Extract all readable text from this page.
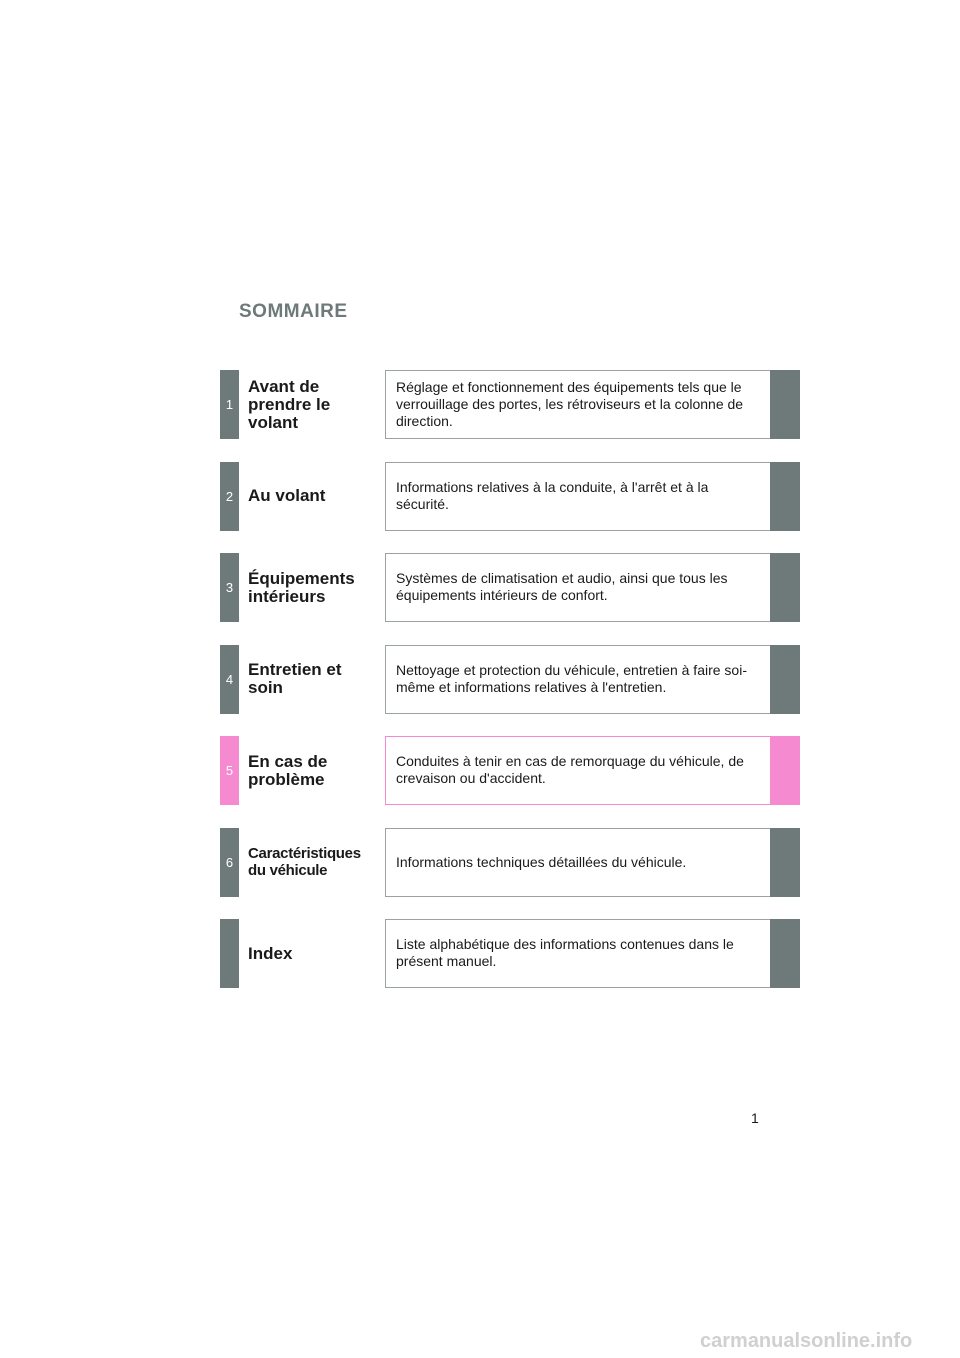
SOMMAIRE
1
Avant de
prendre le
volant
Réglage et fonctionnement des équipements tels que le verrouillage des portes, les rétroviseurs et la colonne de direction.
2 Au volant	Informations relatives à la conduite, à l'arrêt et à la sécurité.
3 Équipements
intérieurs
Systèmes de climatisation et audio, ainsi que tous les équipements intérieurs de confort.
4 Entretien et
soin
Nettoyage et protection du véhicule, entretien à faire soi-même et informations relatives à l'entretien.
5 En cas de
problème
Conduites à tenir en cas de remorquage du véhicule, de crevaison ou d'accident.
6 Caractéristiques
du véhicule
Informations techniques détaillées du véhicule.
Index	Liste alphabétique des informations contenues dans le présent manuel.
1
carmanualsonline.info
